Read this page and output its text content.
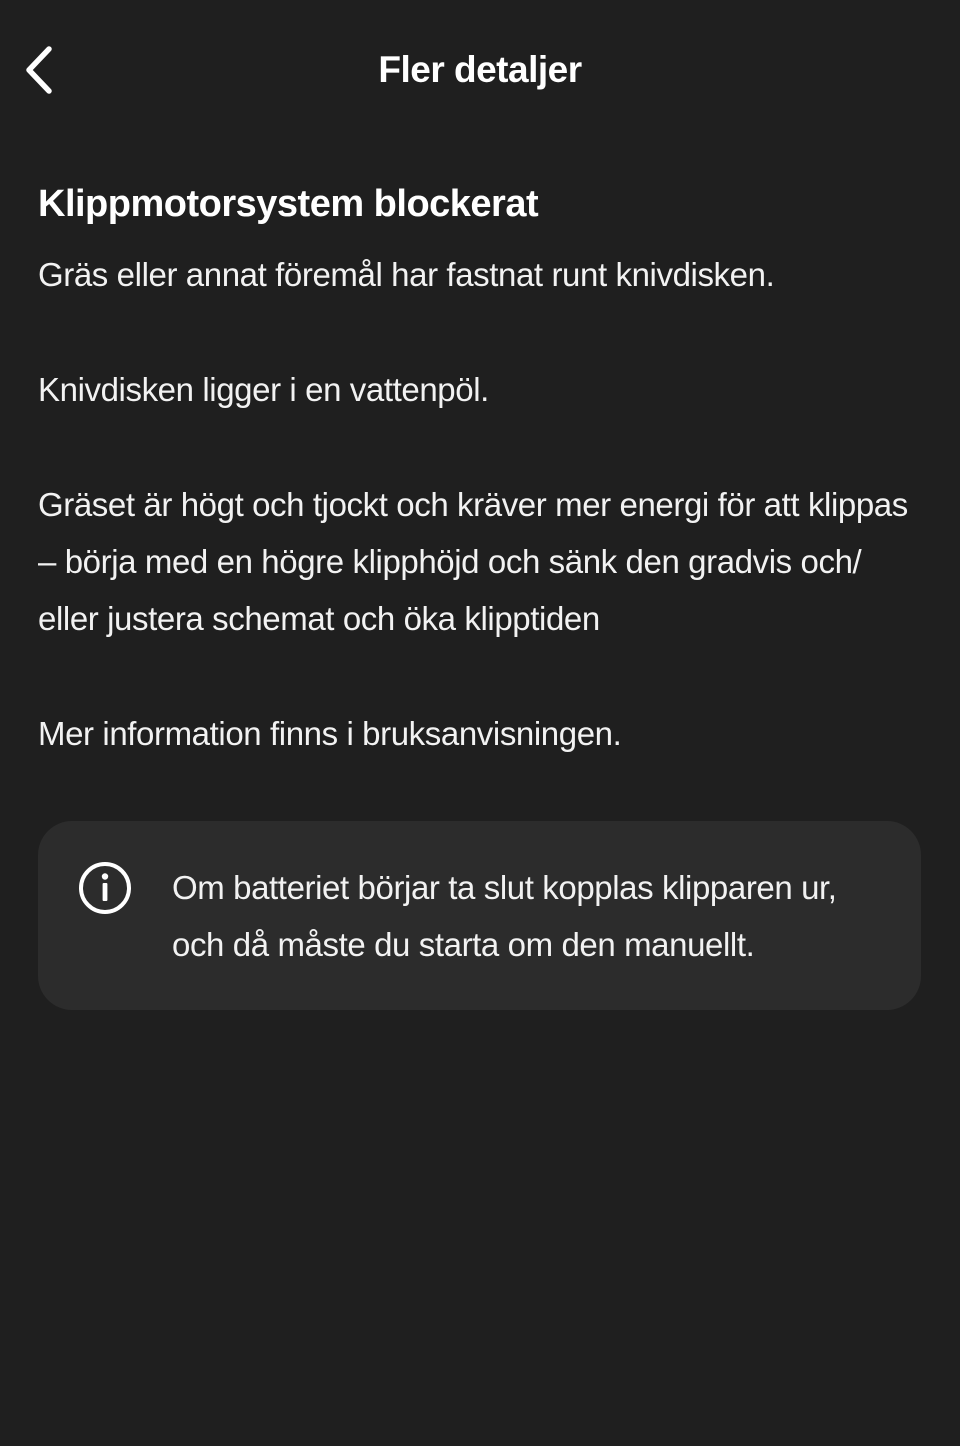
Fler detaljer
Klippmotorsystem blockerat

Gräs eller annat föremål har fastnat runt knivdisken.

Knivdisken ligger i en vattenpöl.

Gräset är högt och tjockt och kräver mer energi för att klippas – börja med en högre klipphöjd och sänk den gradvis och/ eller justera schemat och öka klipptiden

Mer information finns i bruksanvisningen.

Om batteriet börjar ta slut kopplas klipparen ur, och då måste du starta om den manuellt.
